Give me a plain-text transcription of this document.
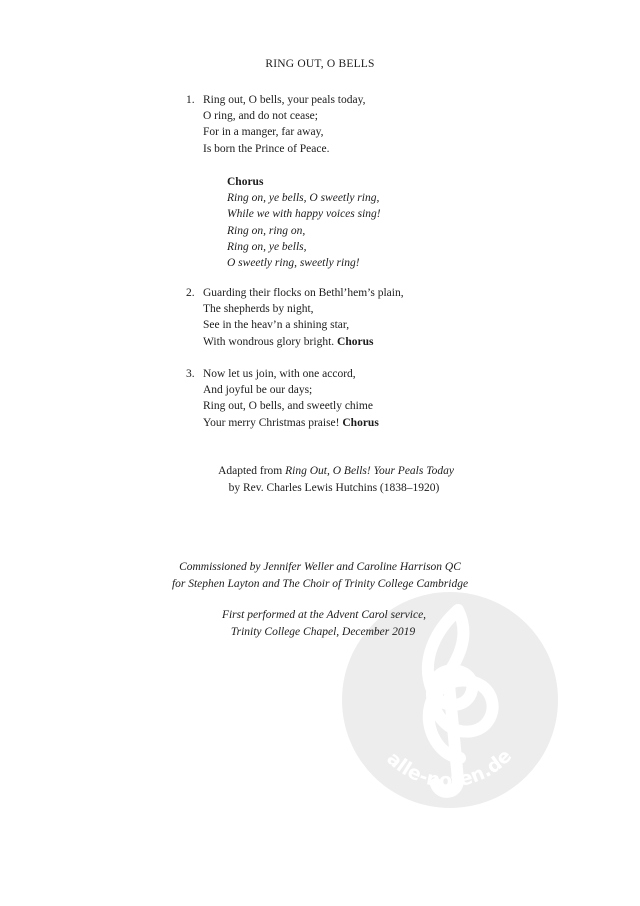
alle-noten.de
RING OUT, O BELLS
1. Ring out, O bells, your peals today,
O ring, and do not cease;
For in a manger, far away,
Is born the Prince of Peace.
Chorus
Ring on, ye bells, O sweetly ring,
While we with happy voices sing!
Ring on, ring on,
Ring on, ye bells,
O sweetly ring, sweetly ring!
2. Guarding their flocks on Bethl’hem’s plain,
The shepherds by night,
See in the heav’n a shining star,
With wondrous glory bright. Chorus
3. Now let us join, with one accord,
And joyful be our days;
Ring out, O bells, and sweetly chime
Your merry Christmas praise! Chorus
Adapted from Ring Out, O Bells! Your Peals Today
by Rev. Charles Lewis Hutchins (1838–1920)
Commissioned by Jennifer Weller and Caroline Harrison QC
for Stephen Layton and The Choir of Trinity College Cambridge
First performed at the Advent Carol service,
Trinity College Chapel, December 2019
